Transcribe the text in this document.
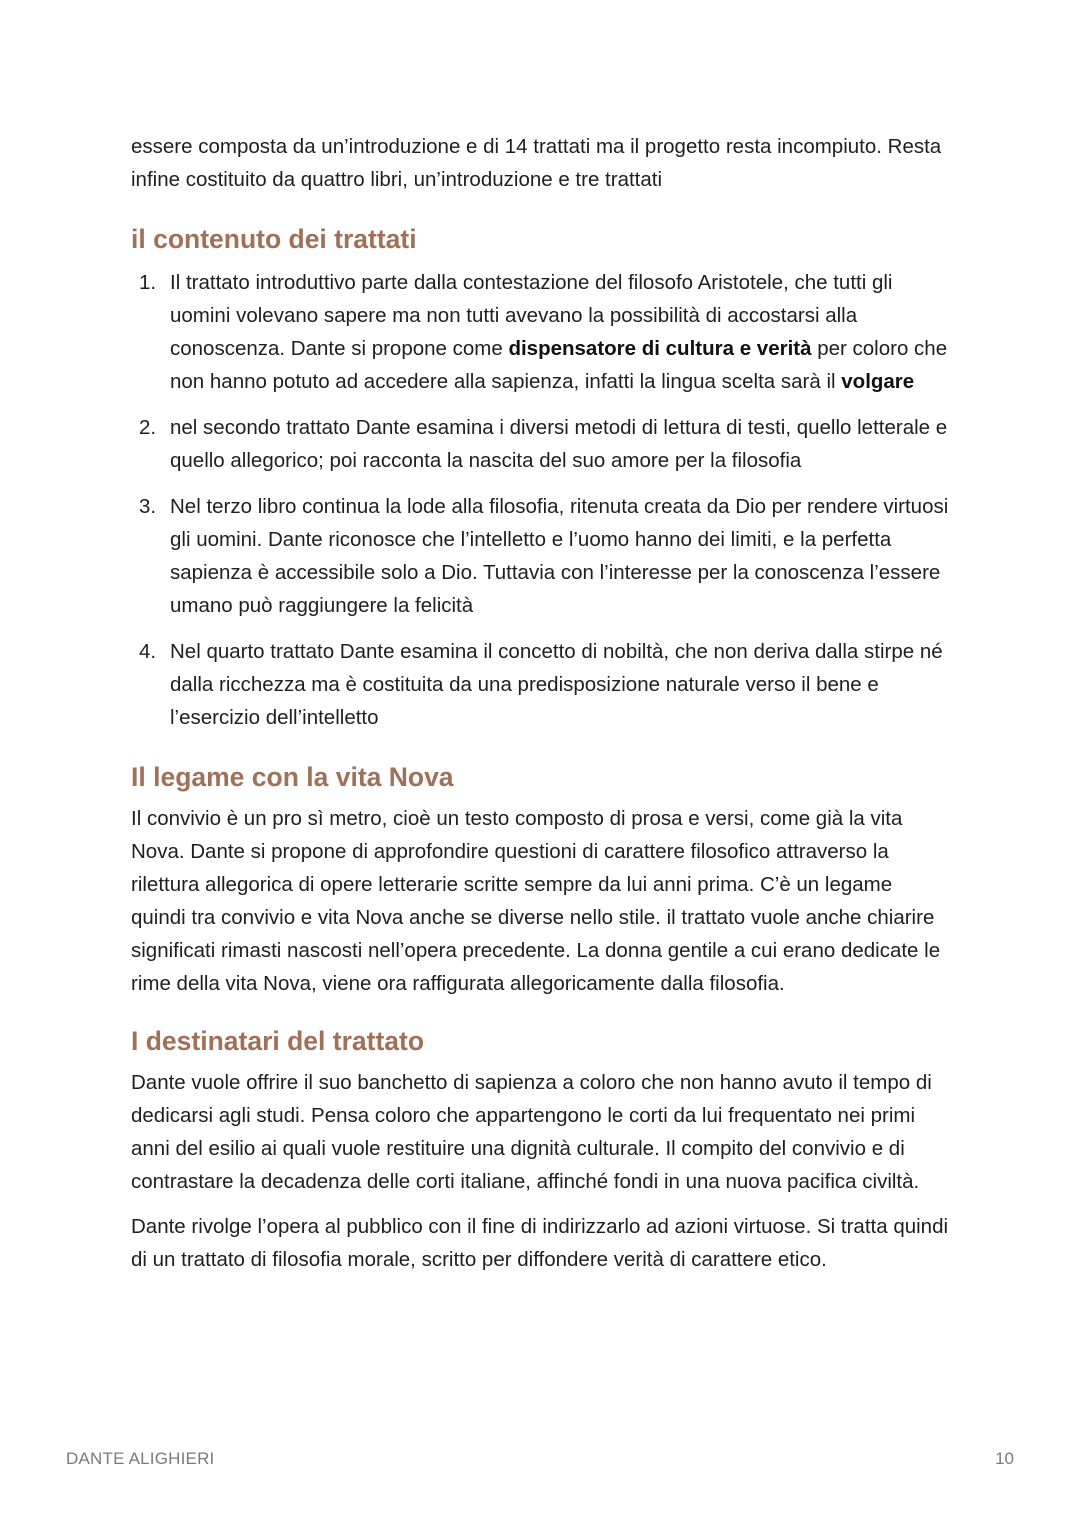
essere composta da un’introduzione e di 14 trattati ma il progetto resta incompiuto. Resta infine costituito da quattro libri, un’introduzione e tre trattati

il contenuto dei trattati
1. Il trattato introduttivo parte dalla contestazione del filosofo Aristotele, che tutti gli uomini volevano sapere ma non tutti avevano la possibilità di accostarsi alla conoscenza. Dante si propone come dispensatore di cultura e verità per coloro che non hanno potuto ad accedere alla sapienza, infatti la lingua scelta sarà il volgare
2. nel secondo trattato Dante esamina i diversi metodi di lettura di testi, quello letterale e quello allegorico; poi racconta la nascita del suo amore per la filosofia
3. Nel terzo libro continua la lode alla filosofia, ritenuta creata da Dio per rendere virtuosi gli uomini. Dante riconosce che l’intelletto e l’uomo hanno dei limiti, e la perfetta sapienza è accessibile solo a Dio. Tuttavia con l’interesse per la conoscenza l’essere umano può raggiungere la felicità
4. Nel quarto trattato Dante esamina il concetto di nobiltà, che non deriva dalla stirpe né dalla ricchezza ma è costituita da una predisposizione naturale verso il bene e l’esercizio dell’intelletto
Il legame con la vita Nova

Il convivio è un pro sì metro, cioè un testo composto di prosa e versi, come già la vita Nova. Dante si propone di approfondire questioni di carattere filosofico attraverso la rilettura allegorica di opere letterarie scritte sempre da lui anni prima. C’è un legame quindi tra convivio e vita Nova anche se diverse nello stile. il trattato vuole anche chiarire significati rimasti nascosti nell’opera precedente. La donna gentile a cui erano dedicate le rime della vita Nova, viene ora raffigurata allegoricamente dalla filosofia.

I destinatari del trattato

Dante vuole offrire il suo banchetto di sapienza a coloro che non hanno avuto il tempo di dedicarsi agli studi. Pensa coloro che appartengono le corti da lui frequentato nei primi anni del esilio ai quali vuole restituire una dignità culturale. Il compito del convivio e di contrastare la decadenza delle corti italiane, affinché fondi in una nuova pacifica civiltà.

Dante rivolge l’opera al pubblico con il fine di indirizzarlo ad azioni virtuose. Si tratta quindi di un trattato di filosofia morale, scritto per diffondere verità di carattere etico.

DANTE ALIGHIERI	10
